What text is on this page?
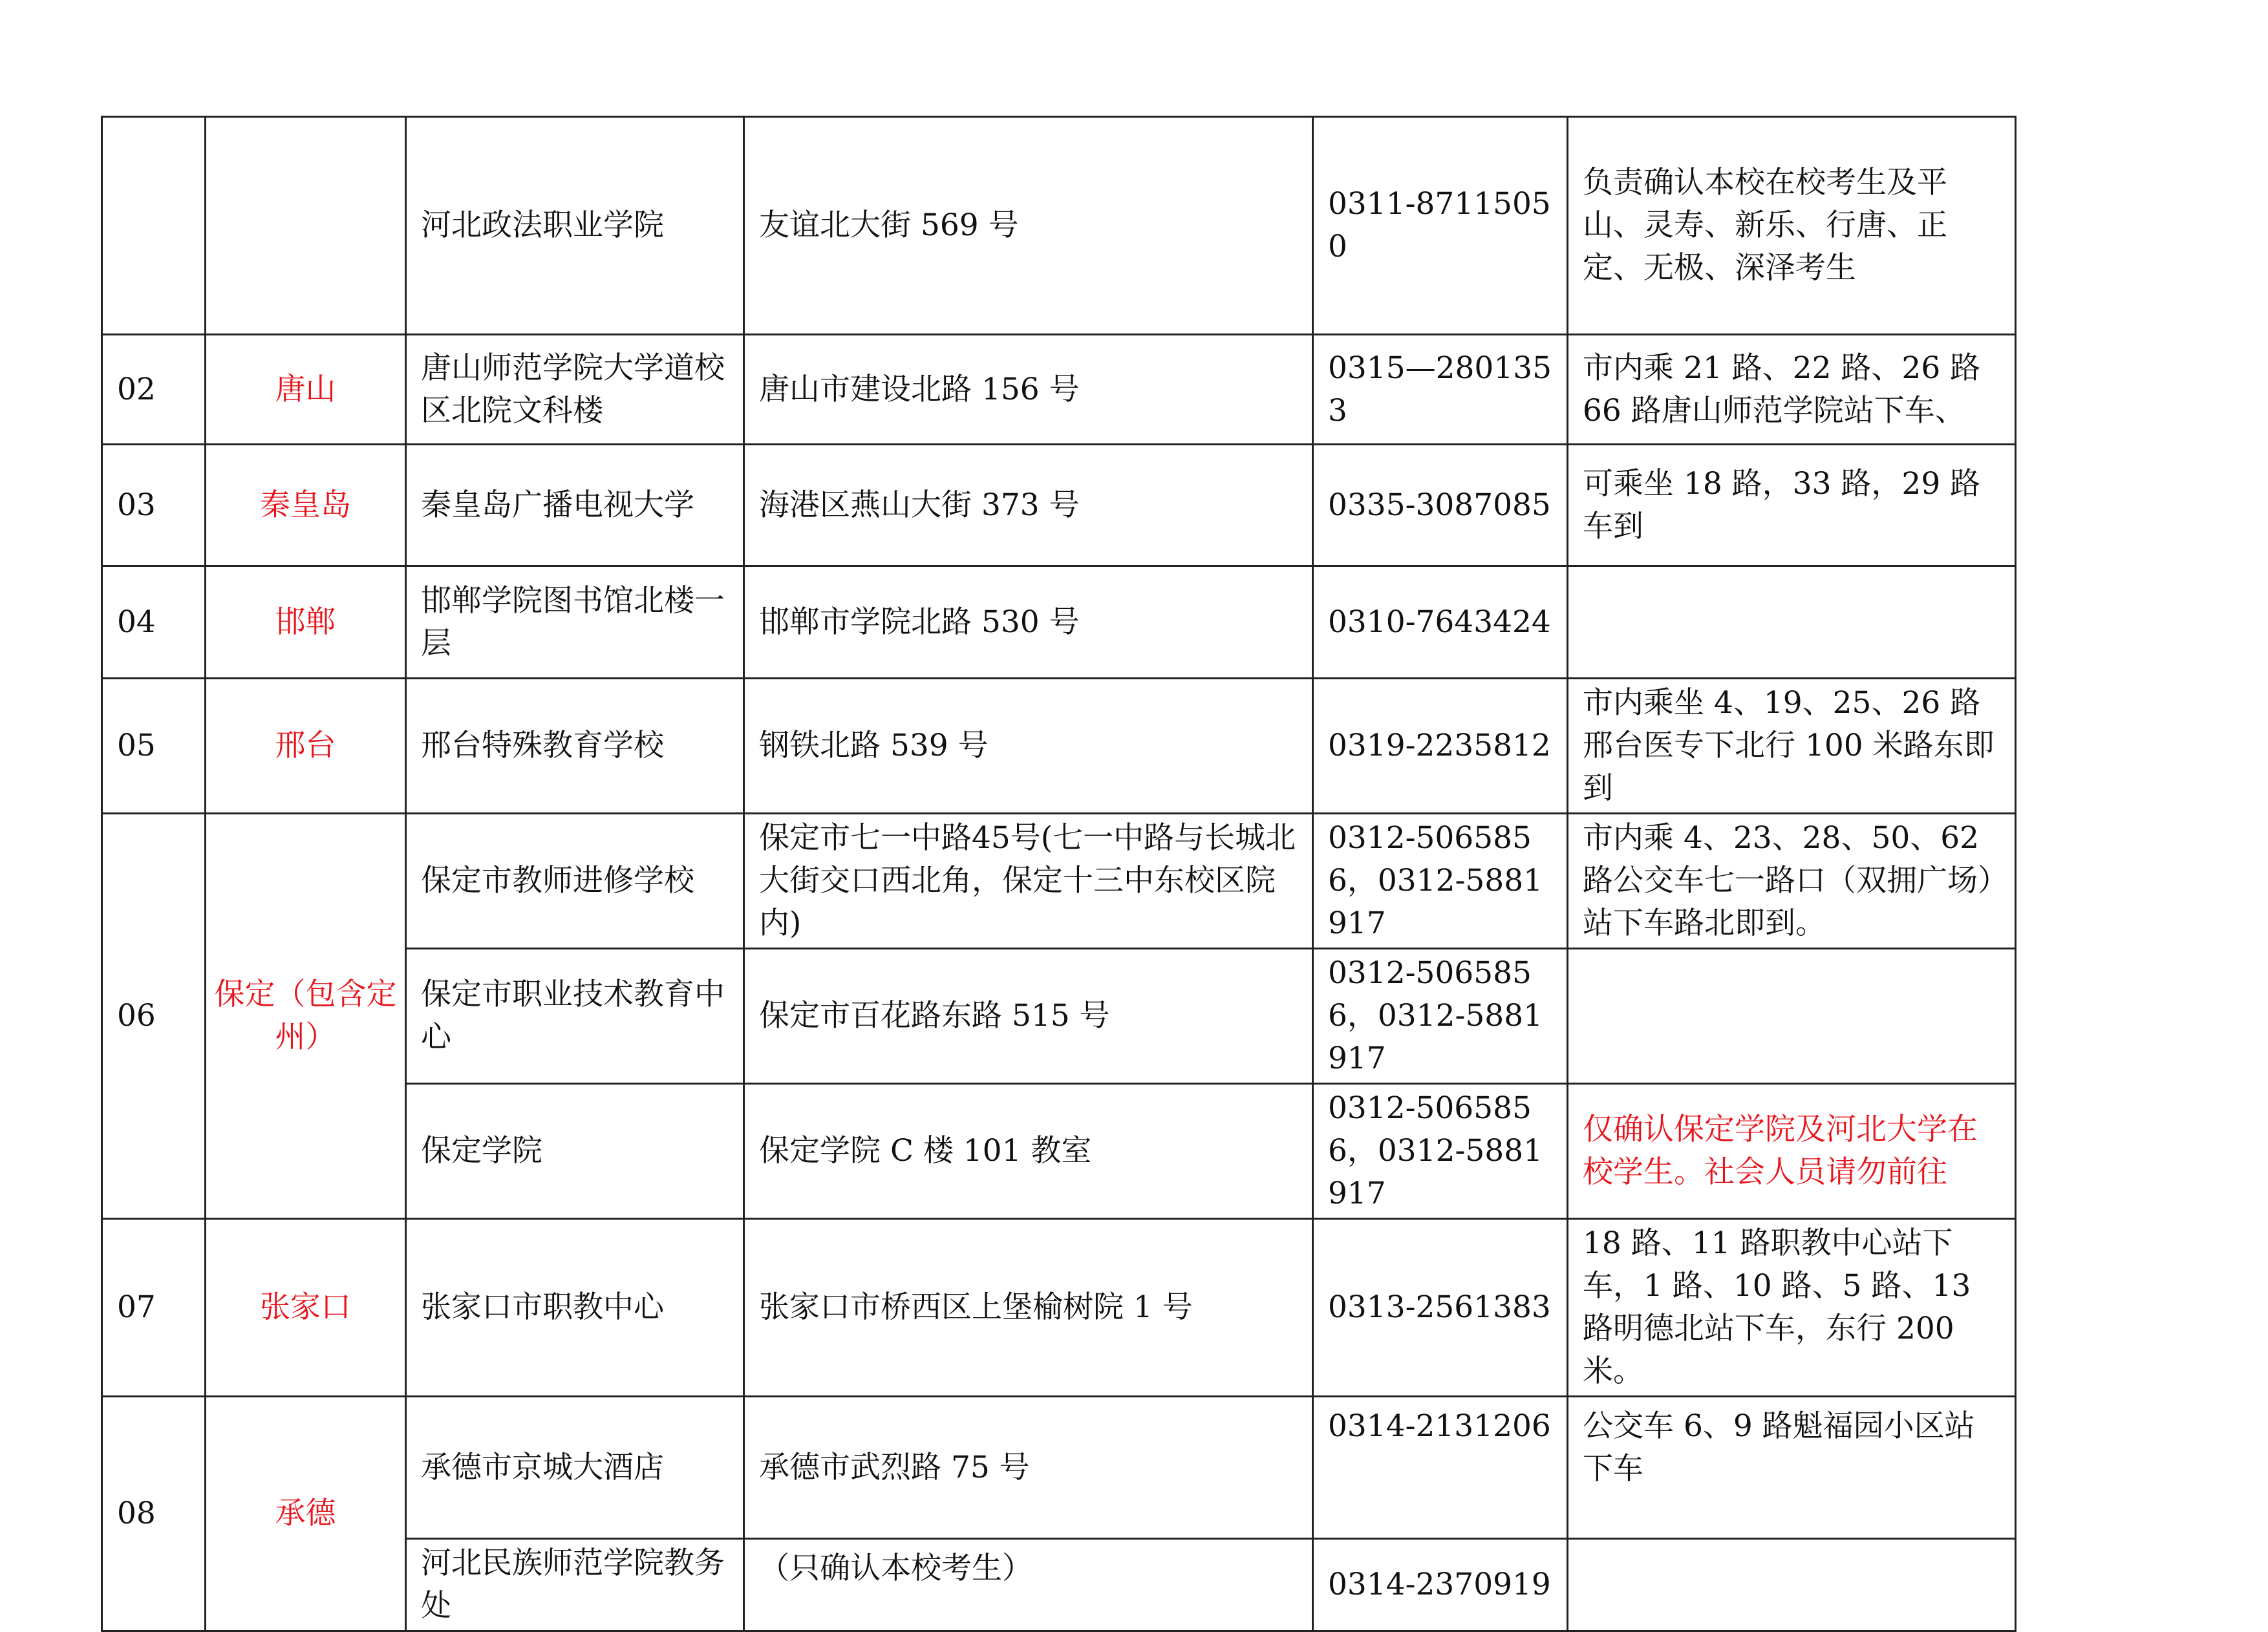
		河北政法职业学院	友谊北大街 569 号	0311-87115050	负责确认本校在校考生及平山、灵寿、新乐、行唐、正定、无极、深泽考生
02	唐山	唐山师范学院大学道校区北院文科楼	唐山市建设北路 156 号	0315—2801353	市内乘 21 路、22 路、26 路 66 路唐山师范学院站下车、
03	秦皇岛	秦皇岛广播电视大学	海港区燕山大街 373 号	0335-3087085	可乘坐 18 路，33 路，29 路车到
04	邯郸	邯郸学院图书馆北楼一层	邯郸市学院北路 530 号	0310-7643424	
05	邢台	邢台特殊教育学校	钢铁北路 539 号	0319-2235812	市内乘坐 4、19、25、26 路邢台医专下北行 100 米路东即到
06	保定（包含定州）	保定市教师进修学校	保定市七一中路45号(七一中路与长城北大街交口西北角，保定十三中东校区院内)	0312-5065856，0312-5881917	市内乘 4、23、28、50、62 路公交车七一路口（双拥广场）站下车路北即到。
		保定市职业技术教育中心	保定市百花路东路 515 号	0312-5065856，0312-5881917	
		保定学院	保定学院 C 楼 101 教室	0312-5065856，0312-5881917	仅确认保定学院及河北大学在校学生。社会人员请勿前往
07	张家口	张家口市职教中心	张家口市桥西区上堡榆树院 1 号	0313-2561383	18 路、11 路职教中心站下车，1 路、10 路、5 路、13 路明德北站下车，东行 200 米。
08	承德	承德市京城大酒店	承德市武烈路 75 号	0314-2131206	公交车 6、9 路魁福园小区站下车
		河北民族师范学院教务处	（只确认本校考生）	0314-2370919	
